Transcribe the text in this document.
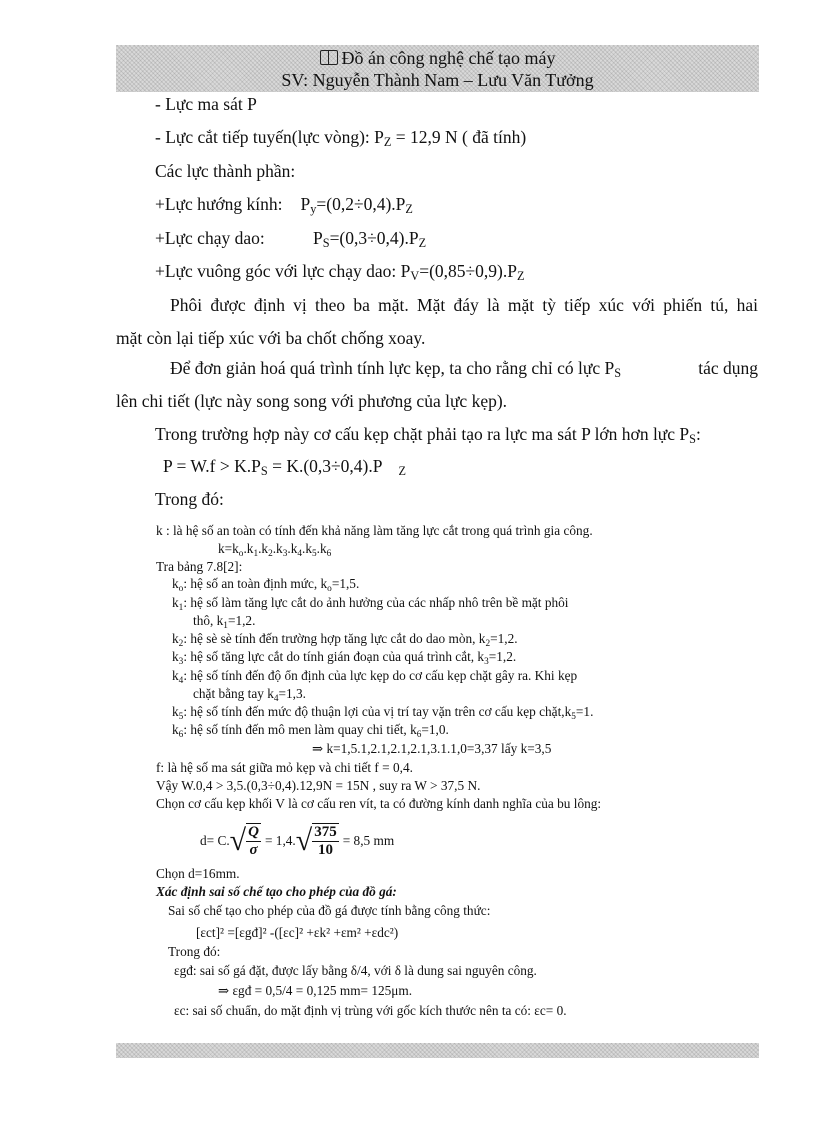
Đồ án công nghệ chế tạo máy
SV: Nguyễn Thành Nam – Lưu Văn Tưởng
- Lực ma sát P
- Lực cắt tiếp tuyến(lực vòng): $P_Z = 12,9$ N ( đã tính)
Các lực thành phần:
+Lực hướng kính: $P_y=(0,2\div 0,4).P_Z$
+Lực chạy dao:	$P_S=(0,3\div 0,4).P_Z$
+Lực vuông góc với lực chạy dao: $P_V=(0,85\div 0,9).P_Z$
Phôi được định vị theo ba mặt. Mặt đáy là mặt tỳ tiếp xúc với phiến tú, hai
mặt còn lại tiếp xúc với ba chốt chống xoay.
Để đơn giản hoá quá trình tính lực kẹp, ta cho rằng chỉ có lực $P_S$	tác dụng
lên chi tiết (lực này song song với phương của lực kẹp).
Trong trường hợp này cơ cấu kẹp chặt phải tạo ra lực ma sát P lớn hơn lực $P_S$:
$P = W.f > K.P_S = K.(0,3\div 0,4).P$ $_Z$
Trong đó:
k : là hệ số an toàn có tính đến khả năng làm tăng lực cắt trong quá trình gia công.
$k=k_o.k_1.k_2.k_3.k_4.k_5.k_6$
Tra bảng 7.8[2]:
$k_o$: hệ số an toàn định mức, $k_o=1,5$.
$k_1$: hệ số làm tăng lực cắt do ảnh hưởng của các nhấp nhô trên bề mặt phôi
thô, $k_1=1,2$.
$k_2$: hệ sè sè tính đến trường hợp tăng lực cắt do dao mòn, $k_2=1,2$.
$k_3$: hệ số tăng lực cắt do tính gián đoạn của quá trình cắt, $k_3=1,2$.
$k_4$: hệ số tính đến độ ổn định của lực kẹp do cơ cấu kẹp chặt gây ra. Khi kẹp
chặt bằng tay $k_4=1,3$.
$k_5$: hệ số tính đến mức độ thuận lợi của vị trí tay vặn trên cơ cấu kẹp $chặt,k_5=1$.
$k_6$: hệ số tính đến mô men làm quay chi tiết, $k_6=1,0$.
⇒ k=1,5.1,2.1,2.1,2.1,3.1.1,0=3,37 lấy k=3,5
f: là hệ số ma sát giữa mỏ kẹp và chi tiết f = 0,4.
Vậy W.0,4 > 3,5.(0,3÷0,4).12,9N = 15N , suy ra W > 37,5 N.
Chọn cơ cấu kẹp khối V là cơ cấu ren vít, ta có đường kính danh nghĩa của bu lông:
d= C. √ $\frac{Q}{\sigma} = 1,4$. √ $\frac{375}{10} = 8,5$ mm
Chọn d=16mm.
Xác định sai số chế tạo cho phép của đồ gá:
Sai số chế tạo cho phép của đồ gá được tính bằng công thức:
[εct]² =[εgđ]² -([εc]² +εk² +εm² +εdc²)
Trong đó:
εgđ: sai số gá đặt, được lấy bằng δ/4, với δ là dung sai nguyên công.
⇒ εgđ = 0,5/4 = 0,125 mm= 125μm.
εc: sai số chuẩn, do mặt định vị trùng với gốc kích thước nên ta có: εc= 0.
